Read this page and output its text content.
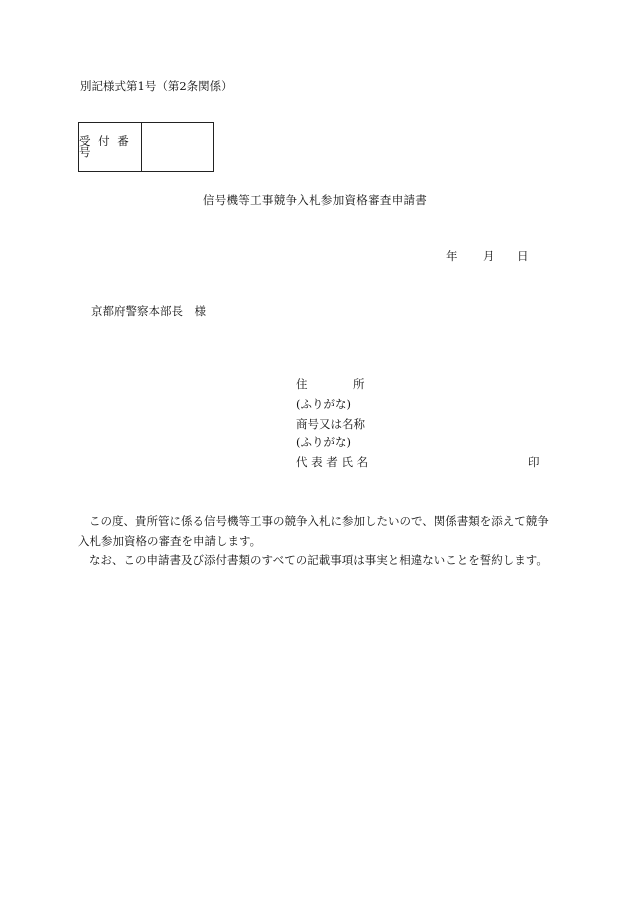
別記様式第1号（第2条関係）
受 付 番 号
信号機等工事競争入札参加資格審査申請書
年 月 日
京都府警察本部長　様
住	所
(ふりがな)
商号又は名称
(ふりがな)
代 表 者 氏 名	印

この度、貴所管に係る信号機等工事の競争入札に参加したいので、関係書類を添えて競争入札参加資格の審査を申請します。

なお、この申請書及び添付書類のすべての記載事項は事実と相違ないことを誓約します。
